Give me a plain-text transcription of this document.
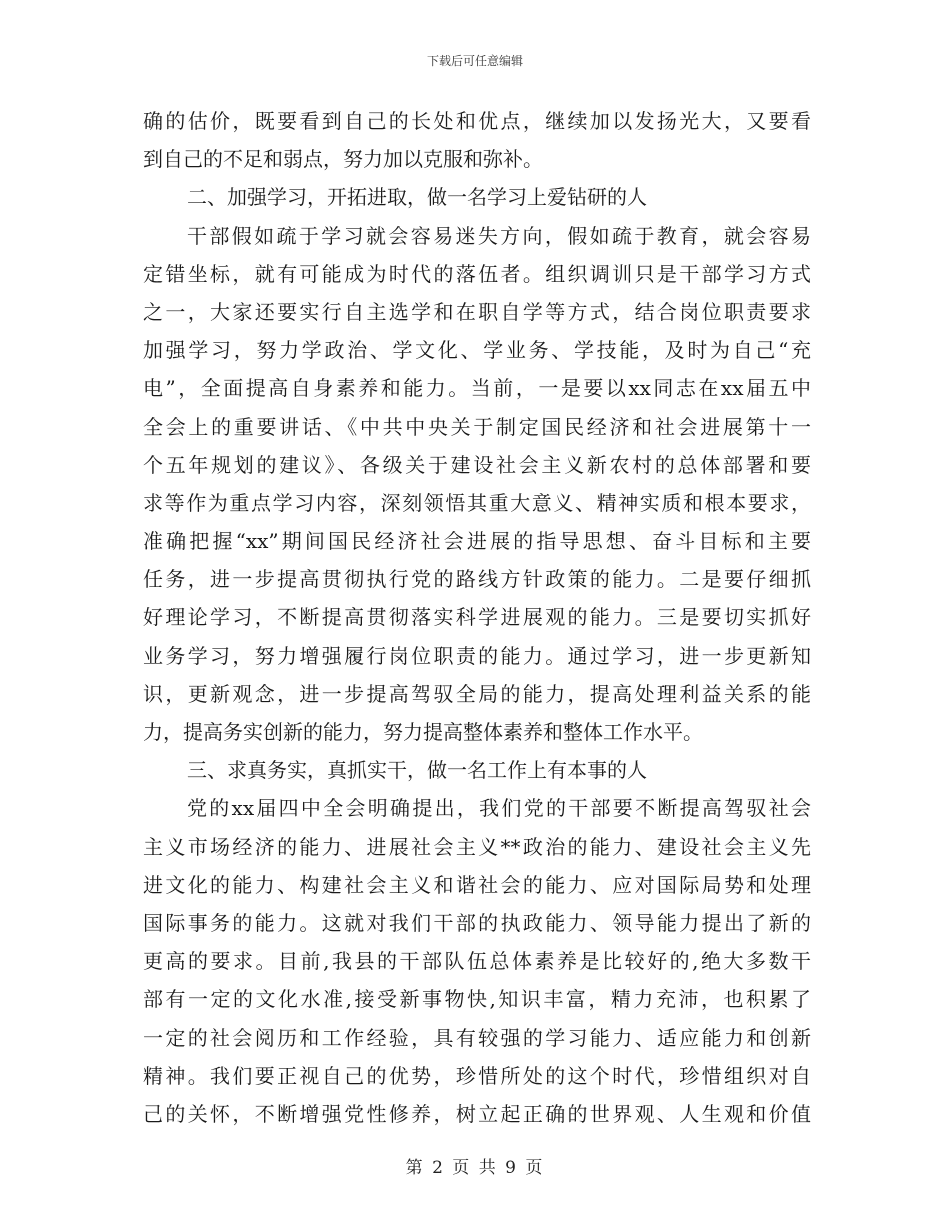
下载后可任意编辑
确的估价，既要看到自己的长处和优点，继续加以发扬光大，又要看
到自己的不足和弱点，努力加以克服和弥补。
二、加强学习，开拓进取，做一名学习上爱钻研的人
干部假如疏于学习就会容易迷失方向，假如疏于教育，就会容易
定错坐标，就有可能成为时代的落伍者。组织调训只是干部学习方式
之一，大家还要实行自主选学和在职自学等方式，结合岗位职责要求
加强学习，努力学政治、学文化、学业务、学技能，及时为自己“充
电”，全面提高自身素养和能力。当前，一是要以xx同志在xx届五中
全会上的重要讲话、《中共中央关于制定国民经济和社会进展第十一
个五年规划的建议》、各级关于建设社会主义新农村的总体部署和要
求等作为重点学习内容，深刻领悟其重大意义、精神实质和根本要求，
准确把握“xx”期间国民经济社会进展的指导思想、奋斗目标和主要
任务，进一步提高贯彻执行党的路线方针政策的能力。二是要仔细抓
好理论学习，不断提高贯彻落实科学进展观的能力。三是要切实抓好
业务学习，努力增强履行岗位职责的能力。通过学习，进一步更新知
识，更新观念，进一步提高驾驭全局的能力，提高处理利益关系的能
力，提高务实创新的能力，努力提高整体素养和整体工作水平。
三、求真务实，真抓实干，做一名工作上有本事的人
党的xx届四中全会明确提出，我们党的干部要不断提高驾驭社会
主义市场经济的能力、进展社会主义**政治的能力、建设社会主义先
进文化的能力、构建社会主义和谐社会的能力、应对国际局势和处理
国际事务的能力。这就对我们干部的执政能力、领导能力提出了新的
更高的要求。目前,我县的干部队伍总体素养是比较好的,绝大多数干
部有一定的文化水准,接受新事物快,知识丰富，精力充沛，也积累了
一定的社会阅历和工作经验，具有较强的学习能力、适应能力和创新
精神。我们要正视自己的优势，珍惜所处的这个时代，珍惜组织对自
己的关怀，不断增强党性修养，树立起正确的世界观、人生观和价值
第 2 页 共 9 页
